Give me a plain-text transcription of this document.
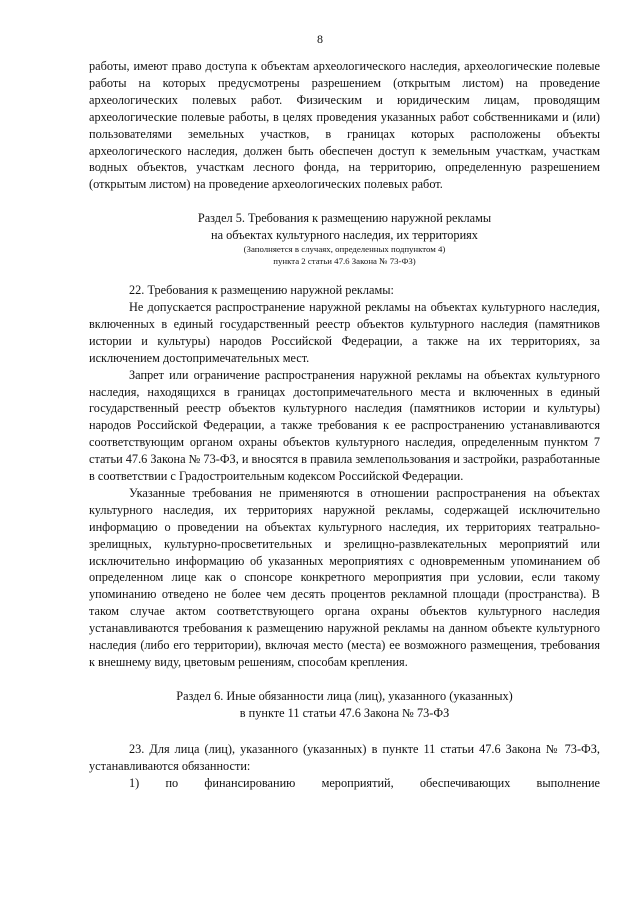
8

работы, имеют право доступа к объектам археологического наследия, археологические полевые работы на которых предусмотрены разрешением (открытым листом) на проведение археологических полевых работ. Физическим и юридическим лицам, проводящим археологические полевые работы, в целях проведения указанных работ собственниками и (или) пользователями земельных участков, в границах которых расположены объекты археологического наследия, должен быть обеспечен доступ к земельным участкам, участкам водных объектов, участкам лесного фонда, на территорию, определенную разрешением (открытым листом) на проведение археологических полевых работ.

Раздел 5. Требования к размещению наружной рекламы

на объектах культурного наследия, их территориях

(Заполняется в случаях, определенных подпунктом 4)

пункта 2 статьи 47.6 Закона № 73-ФЗ)

22. Требования к размещению наружной рекламы:

Не допускается распространение наружной рекламы на объектах культурного наследия, включенных в единый государственный реестр объектов культурного наследия (памятников истории и культуры) народов Российской Федерации, а также на их территориях, за исключением достопримечательных мест.

Запрет или ограничение распространения наружной рекламы на объектах культурного наследия, находящихся в границах достопримечательного места и включенных в единый государственный реестр объектов культурного наследия (памятников истории и культуры) народов Российской Федерации, а также требования к ее распространению устанавливаются соответствующим органом охраны объектов культурного наследия, определенным пунктом 7 статьи 47.6 Закона № 73-ФЗ, и вносятся в правила землепользования и застройки, разработанные в соответствии с Градостроительным кодексом Российской Федерации.

Указанные требования не применяются в отношении распространения на объектах культурного наследия, их территориях наружной рекламы, содержащей исключительно информацию о проведении на объектах культурного наследия, их территориях театрально-зрелищных, культурно-просветительных и зрелищно-развлекательных мероприятий или исключительно информацию об указанных мероприятиях с одновременным упоминанием об определенном лице как о спонсоре конкретного мероприятия при условии, если такому упоминанию отведено не более чем десять процентов рекламной площади (пространства). В таком случае актом соответствующего органа охраны объектов культурного наследия устанавливаются требования к размещению наружной рекламы на данном объекте культурного наследия (либо его территории), включая место (места) ее возможного размещения, требования к внешнему виду, цветовым решениям, способам крепления.

Раздел 6. Иные обязанности лица (лиц), указанного (указанных)

в пункте 11 статьи 47.6 Закона № 73-ФЗ

23. Для лица (лиц), указанного (указанных) в пункте 11 статьи 47.6 Закона № 73-ФЗ, устанавливаются обязанности:

1) по финансированию мероприятий, обеспечивающих выполнение
